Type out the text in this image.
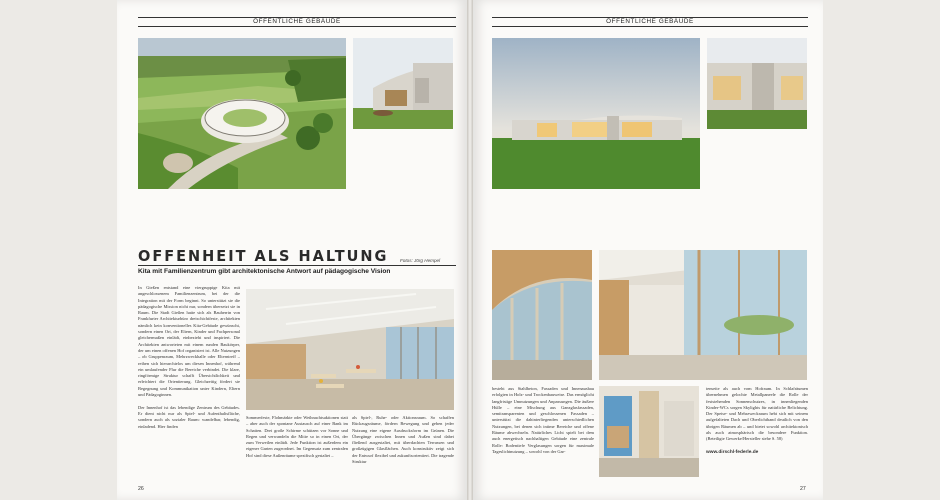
ÖFFENTLICHE GEBÄUDE	ÖFFENTLICHE GEBÄUDE
OFFENHEIT ALS HALTUNG	Fotos: Jörg Hempel
Kita mit Familienzentrum gibt architektonische Antwort auf pädagogische Vision
In Gießen entstand eine viergruppige Kita mit angeschlossenem Familienzentrum, bei der die Integration mit der Form beginnt. So unterstützt sie die pädagogische Mission nicht nur, sondern übersetzt sie in Raum. Die Stadt Gießen hatte sich als Bauherrin von Frankfurter Architekturbüro dreischichtfeste, architekten nämlich kein konventionelles Kita-Gebäude gewünscht, sondern einen Ort, der Eltern, Kinder und Fachpersonal gleichermaßen einlädt, einbezieht und inspiriert. Die Architekten antworteten mit einem runden Baukörper, der um einen offenen Hof organisiert ist. Alle Nutzungen – ob Gruppenraum, Mehrzweckhalle oder Elterntreff – reihen sich hierarchielos um diesen Innenhof, während ein umlaufender Flur die Bereiche verbindet. Die klare, ringförmige Struktur schafft Übersichtlichkeit und erleichtert die Orientierung. Gleichzeitig fördert sie Begegnung und Kommunikation unter Kindern, Eltern und Pädagoginnen.

Der Innenhof ist das lebendige Zentrum des Gebäudes. Er dient nicht nur als Spiel- und Aufenthaltsfläche, sondern auch als sozialer Raum: wandelbar, lebendig, einladend. Hier finden
Sommerfeste, Flohmärkte oder Weihnachtsaktionen statt – aber auch der spontane Austausch auf einer Bank im Schatten. Drei große Schirme schützen vor Sonne und Regen und verwandeln die Mitte so in einen Ort, der zum Verweilen einlädt. Jede Funktion ist außerdem ein eigener Garten zugeordnet. Im Gegensatz zum zentralen Hof sind diese Außenräume spezifisch gestaltet –
als Spiel-, Ruhe- oder Aktionsraum. So schaffen Rückzugsräume, fördern Bewegung und geben jeder Nutzung eine eigene Ausdrucksform im Grünen. Die Übergänge zwischen Innen und Außen sind dabei fließend ausgestaltet, mit überdachten Terrassen und großzügigen Glasflächen. Auch konstruktiv zeigt sich der Entwurf flexibel und zukunftsorientiert. Die tragende Struktur
26
besteht aus Stahlbeton, Fassaden und Innenausbau erfolgten in Holz- und Trockenbauweise. Das ermöglicht langfristige Umnutzungen und Anpassungen. Die äußere Hülle – eine Mischung aus Ganzglasfassaden, semitransparenten und geschlossenen Fassaden – unterstützt die dahinterliegenden unterschiedlichen Nutzungen, bei denen sich intime Bereiche und offene Räume abwechseln. Natürliches Licht spielt bei dem auch energetisch nachhaltigen Gebäude eine zentrale Rolle: Bodentiefe Verglasungen sorgen für maximale Tageslichtnutzung – sowohl von der Gar-
tenseite als auch vom Hofraum. In Schlafräumen übernehmen gelochte Metallpaneele die Rolle der feststehenden Sonnenschutzes, in innenliegenden Kinder-WCs sorgen Skylights für natürliche Belichtung. Der Speise- und Mehrzweckraum hebt sich mit seinem aufgefalteten Dach und Oberlichtband deutlich von den übrigen Räumen ab – und bietet sowohl architektonisch als auch atmosphärisch die besondere Funktion. (Beteiligte Gewerke/Hersteller siehe S. 58)

www.dirschl-federle.de
27
